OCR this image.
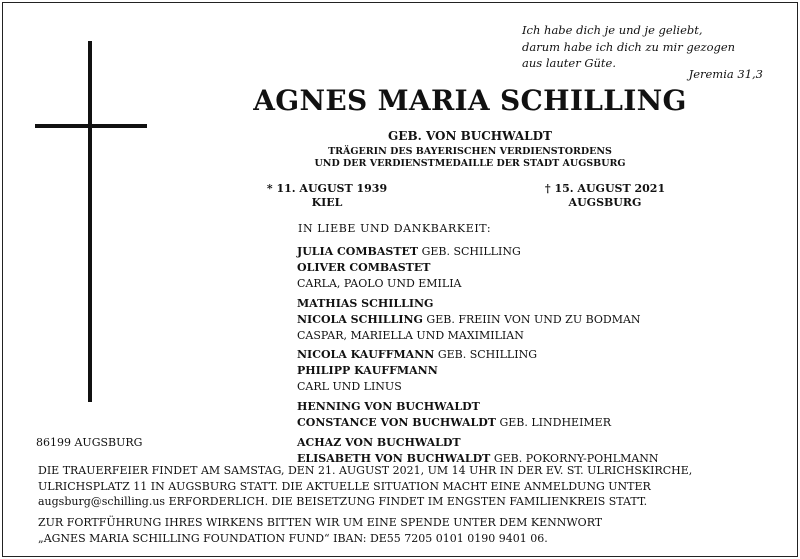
Ich habe dich je und je geliebt,
darum habe ich dich zu mir gezogen
aus lauter Güte.
Jeremia 31,3
AGNES MARIA SCHILLING
GEB. VON BUCHWALDT
TRÄGERIN DES BAYERISCHEN VERDIENSTORDENS
UND DER VERDIENSTMEDAILLE DER STADT AUGSBURG
* 11. AUGUST 1939
KIEL
† 15. AUGUST 2021
AUGSBURG
IN LIEBE UND DANKBARKEIT:
JULIA COMBASTET GEB. SCHILLING
OLIVER COMBASTET
CARLA, PAOLO UND EMILIA
MATHIAS SCHILLING
NICOLA SCHILLING GEB. FREIIN VON UND ZU BODMAN
CASPAR, MARIELLA UND MAXIMILIAN
NICOLA KAUFFMANN GEB. SCHILLING
PHILIPP KAUFFMANN
CARL UND LINUS
HENNING VON BUCHWALDT
CONSTANCE VON BUCHWALDT GEB. LINDHEIMER
ACHAZ VON BUCHWALDT
ELISABETH VON BUCHWALDT GEB. POKORNY-POHLMANN
86199 AUGSBURG
DIE TRAUERFEIER FINDET AM SAMSTAG, DEN 21. AUGUST 2021, UM 14 UHR IN DER EV. ST. ULRICHSKIRCHE,
ULRICHSPLATZ 11 IN AUGSBURG STATT. DIE AKTUELLE SITUATION MACHT EINE ANMELDUNG UNTER
augsburg@schilling.us ERFORDERLICH. DIE BEISETZUNG FINDET IM ENGSTEN FAMILIENKREIS STATT.
ZUR FORTFÜHRUNG IHRES WIRKENS BITTEN WIR UM EINE SPENDE UNTER DEM KENNWORT
„AGNES MARIA SCHILLING FOUNDATION FUND“ IBAN: DE55 7205 0101 0190 9401 06.
